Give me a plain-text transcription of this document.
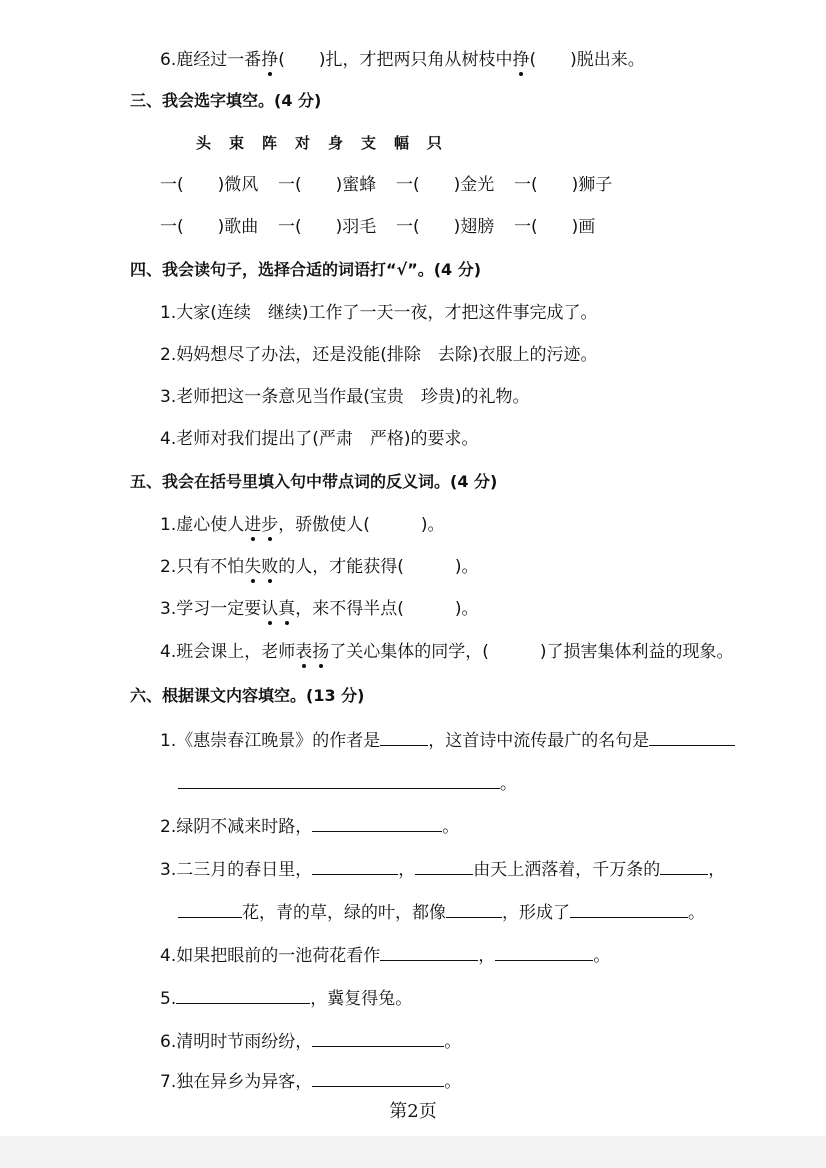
6.鹿经过一番挣(　　)扎，才把两只角从树枝中挣(　　)脱出来。
三、我会选字填空。(4 分)
头 束 阵 对 身 支 幅 只
一(　　)微风 一(　　)蜜蜂 一(　　)金光 一(　　)狮子
一(　　)歌曲 一(　　)羽毛 一(　　)翅膀 一(　　)画
四、我会读句子，选择合适的词语打“√”。(4 分)
1.大家(连续　继续)工作了一天一夜，才把这件事完成了。
2.妈妈想尽了办法，还是没能(排除　去除)衣服上的污迹。
3.老师把这一条意见当作最(宝贵　珍贵)的礼物。
4.老师对我们提出了(严肃　严格)的要求。
五、我会在括号里填入句中带点词的反义词。(4 分)
1.虚心使人进步，骄傲使人(　　　)。
2.只有不怕失败的人，才能获得(　　　)。
3.学习一定要认真，来不得半点(　　　)。
4.班会课上，老师表扬了关心集体的同学，(　　　)了损害集体利益的现象。
六、根据课文内容填空。(13 分)
1.《惠崇春江晚景》的作者是	，这首诗中流传最广的名句是
。
2.绿阴不减来时路，	。
3.二三月的春日里，	，	由天上洒落着，千万条的	，
花，青的草，绿的叶，都像	，形成了	。
4.如果把眼前的一池荷花看作	，	。
5.	，冀复得兔。
6.清明时节雨纷纷，	。
7.独在异乡为异客，	。
第2页
